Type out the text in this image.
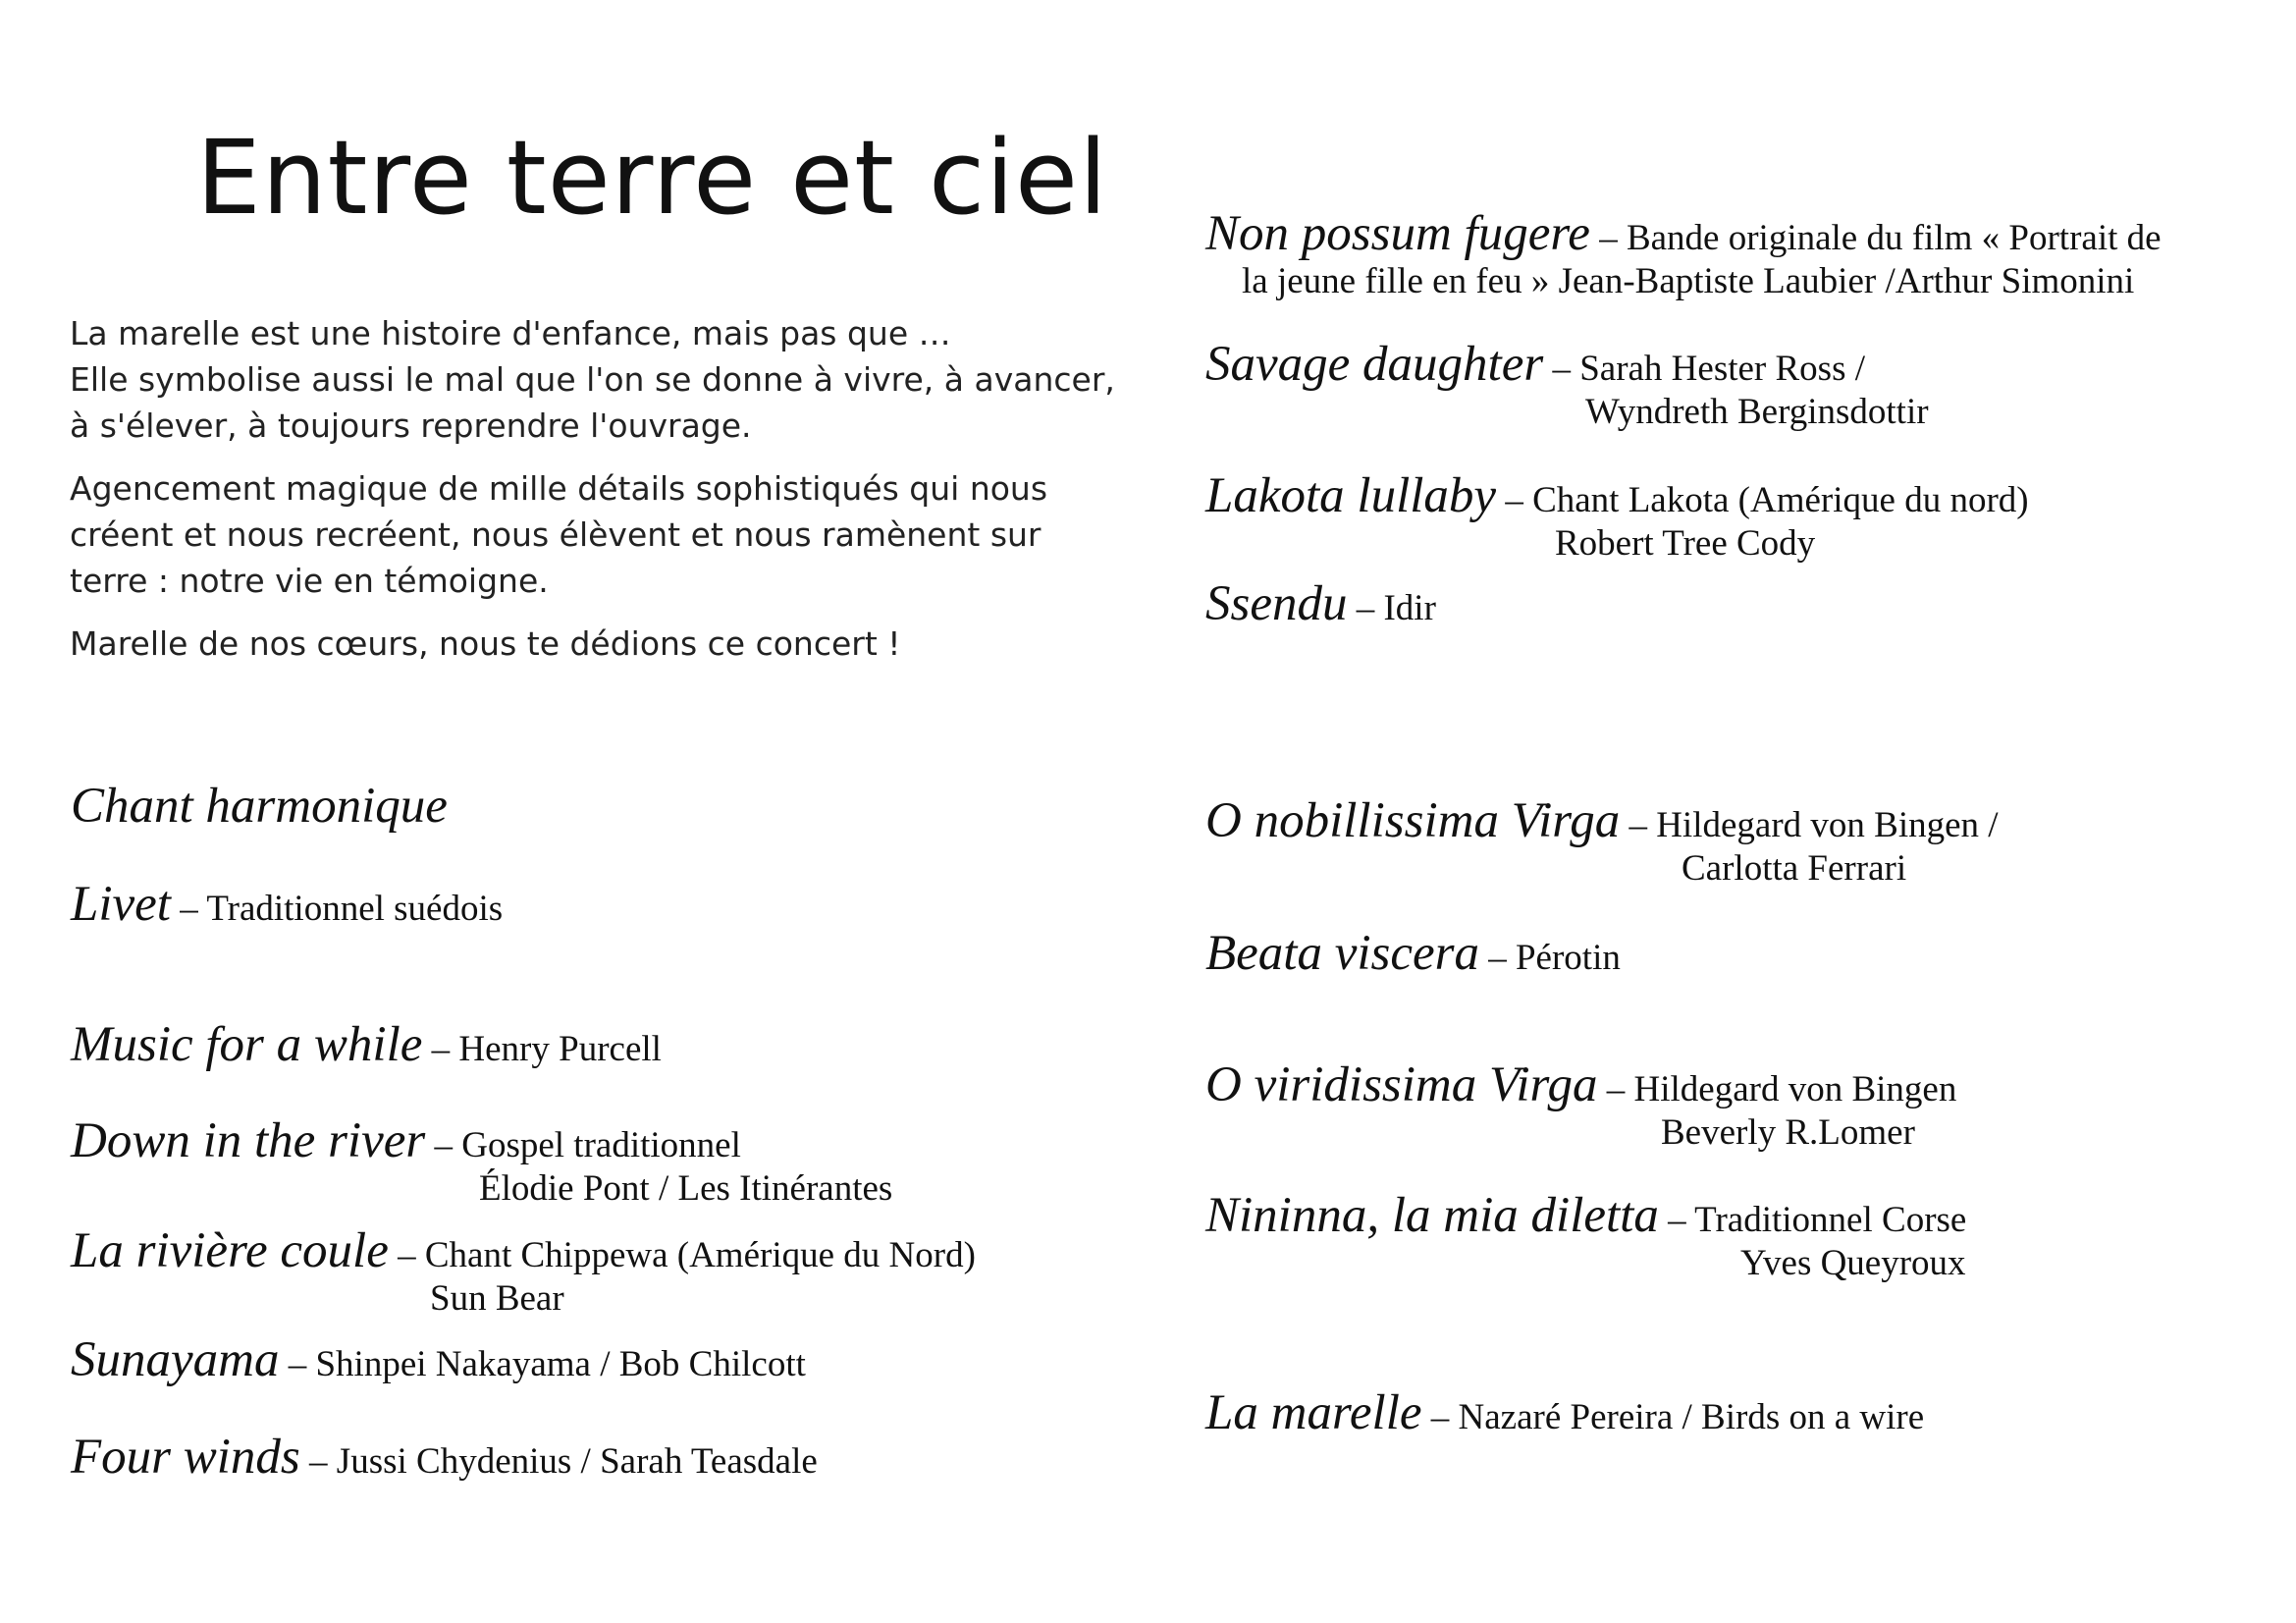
Entre terre et ciel

La marelle est une histoire d'enfance, mais pas que …
Elle symbolise aussi le mal que l'on se donne à vivre, à avancer,
à s'élever, à toujours reprendre l'ouvrage.

Agencement magique de mille détails sophistiqués qui nous
créent et nous recréent, nous élèvent et nous ramènent sur
terre : notre vie en témoigne.

Marelle de nos cœurs, nous te dédions ce concert !

Chant harmonique
Livet – Traditionnel suédois
Music for a while – Henry Purcell
Down in the river – Gospel traditionnel
Élodie Pont / Les Itinérantes
La rivière coule – Chant Chippewa (Amérique du Nord)
Sun Bear
Sunayama – Shinpei Nakayama / Bob Chilcott
Four winds – Jussi Chydenius / Sarah Teasdale
Non possum fugere – Bande originale du film « Portrait de
la jeune fille en feu » Jean-Baptiste Laubier /Arthur Simonini
Savage daughter – Sarah Hester Ross /
Wyndreth Berginsdottir
Lakota lullaby – Chant Lakota (Amérique du nord)
Robert Tree Cody
Ssendu – Idir
O nobillissima Virga – Hildegard von Bingen /
Carlotta Ferrari
Beata viscera – Pérotin
O viridissima Virga – Hildegard von Bingen
Beverly R.Lomer
Nininna, la mia diletta – Traditionnel Corse
Yves Queyroux
La marelle – Nazaré Pereira / Birds on a wire
